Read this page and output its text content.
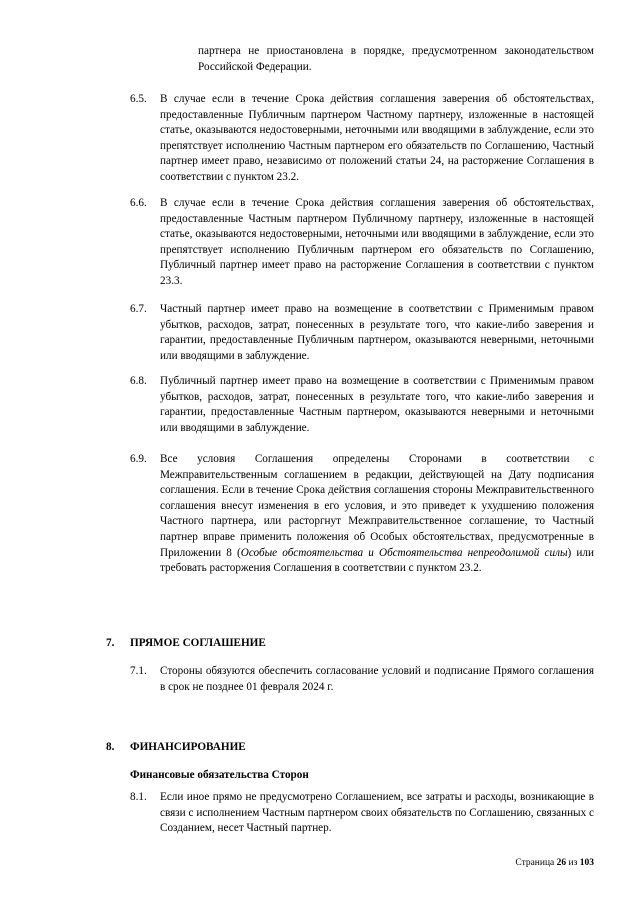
партнера не приостановлена в порядке, предусмотренном законодательством Российской Федерации.

6.5. В случае если в течение Срока действия соглашения заверения об обстоятельствах, предоставленные Публичным партнером Частному партнеру, изложенные в настоящей статье, оказываются недостоверными, неточными или вводящими в заблуждение, если это препятствует исполнению Частным партнером его обязательств по Соглашению, Частный партнер имеет право, независимо от положений статьи 24, на расторжение Соглашения в соответствии с пунктом 23.2.

6.6. В случае если в течение Срока действия соглашения заверения об обстоятельствах, предоставленные Частным партнером Публичному партнеру, изложенные в настоящей статье, оказываются недостоверными, неточными или вводящими в заблуждение, если это препятствует исполнению Публичным партнером его обязательств по Соглашению, Публичный партнер имеет право на расторжение Соглашения в соответствии с пунктом 23.3.

6.7. Частный партнер имеет право на возмещение в соответствии с Применимым правом убытков, расходов, затрат, понесенных в результате того, что какие-либо заверения и гарантии, предоставленные Публичным партнером, оказываются неверными, неточными или вводящими в заблуждение.

6.8. Публичный партнер имеет право на возмещение в соответствии с Применимым правом убытков, расходов, затрат, понесенных в результате того, что какие-либо заверения и гарантии, предоставленные Частным партнером, оказываются неверными и неточными или вводящими в заблуждение.

6.9. Все условия Соглашения определены Сторонами в соответствии с Межправительственным соглашением в редакции, действующей на Дату подписания соглашения. Если в течение Срока действия соглашения стороны Межправительственного соглашения внесут изменения в его условия, и это приведет к ухудшению положения Частного партнера, или расторгнут Межправительственное соглашение, то Частный партнер вправе применить положения об Особых обстоятельствах, предусмотренные в Приложении 8 (Особые обстоятельства и Обстоятельства непреодолимой силы) или требовать расторжения Соглашения в соответствии с пунктом 23.2.

7. ПРЯМОЕ СОГЛАШЕНИЕ
7.1. Стороны обязуются обеспечить согласование условий и подписание Прямого соглашения в срок не позднее 01 февраля 2024 г.

8. ФИНАНСИРОВАНИЕ
Финансовые обязательства Сторон
8.1. Если иное прямо не предусмотрено Соглашением, все затраты и расходы, возникающие в связи с исполнением Частным партнером своих обязательств по Соглашению, связанных с Созданием, несет Частный партнер.

Страница 26 из 103
